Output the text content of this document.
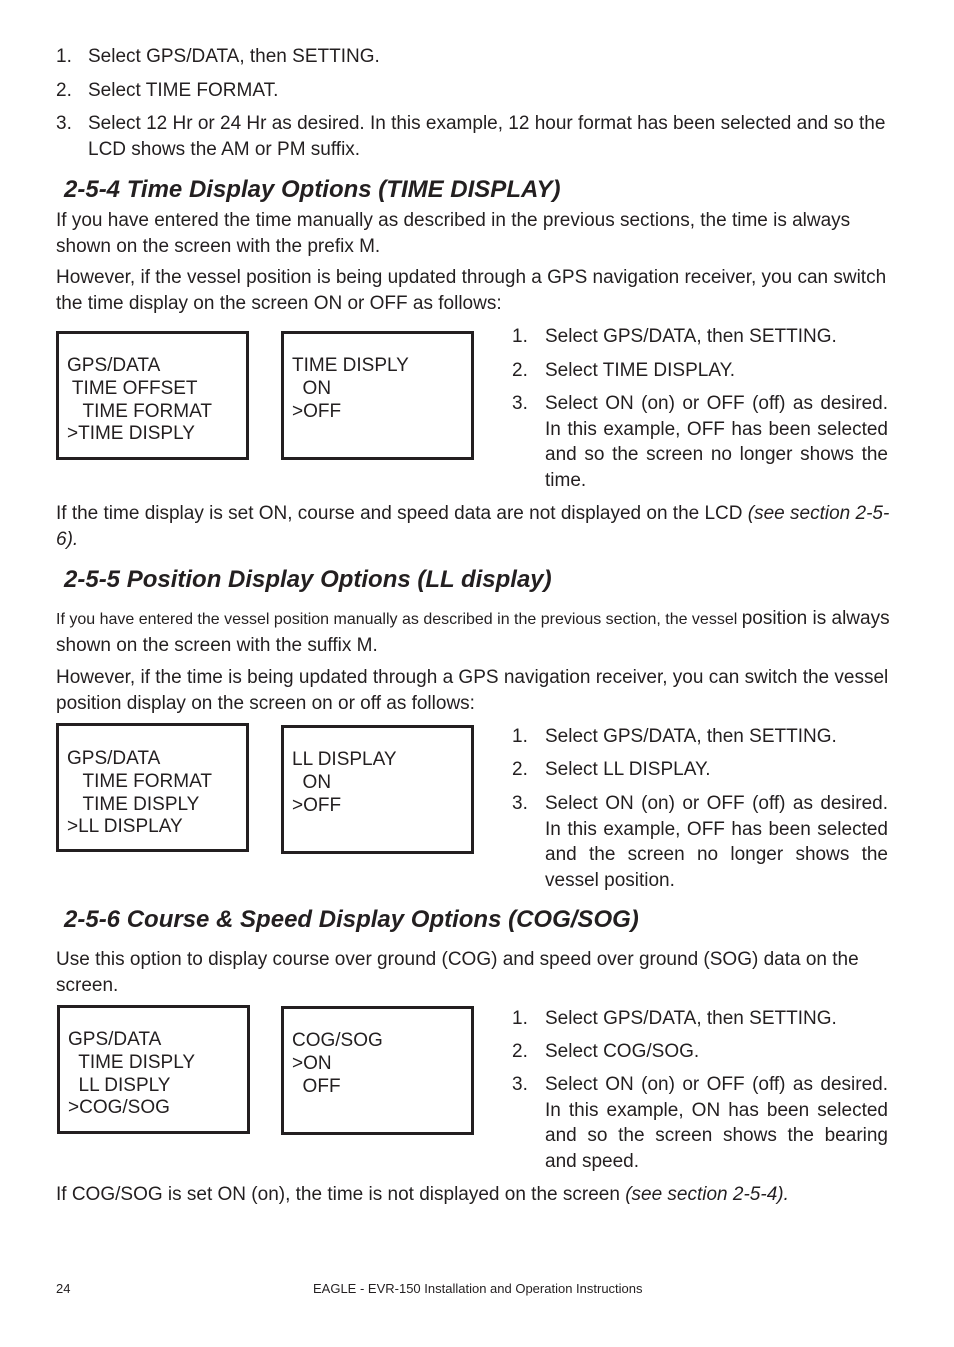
1. Select GPS/DATA, then SETTING.
2. Select TIME FORMAT.
3. Select 12 Hr or 24 Hr as desired. In this example, 12 hour format has been selected and so the LCD shows the AM or PM suffix.
2-5-4 Time Display Options (TIME DISPLAY)
If you have entered the time manually as described in the previous sections, the time is always shown on the screen with the prefix M.
However, if the vessel position is being updated through a GPS navigation receiver, you can switch the time display on the screen ON or OFF as follows:
GPS/DATA
TIME OFFSET
TIME FORMAT
>TIME DISPLY
TIME DISPLY
ON
>OFF
1. Select GPS/DATA, then SETTING.
2. Select TIME DISPLAY.
3. Select ON (on) or OFF (off) as desired. In this example, OFF has been selected and so the screen no longer shows the time.
If the time display is set ON, course and speed data are not displayed on the LCD (see section 2-5-6).
2-5-5 Position Display Options (LL display)
If you have entered the vessel position manually as described in the previous section, the vessel position is always shown on the screen with the suffix M.
However, if the time is being updated through a GPS navigation receiver, you can switch the vessel position display on the screen on or off as follows:
GPS/DATA
TIME FORMAT
TIME DISPLY
>LL DISPLAY
LL DISPLAY
ON
>OFF
1. Select GPS/DATA, then SETTING.
2. Select LL DISPLAY.
3. Select ON (on) or OFF (off) as desired. In this example, OFF has been selected and the screen no longer shows the vessel position.
2-5-6 Course & Speed Display Options (COG/SOG)
Use this option to display course over ground (COG) and speed over ground (SOG) data on the screen.
GPS/DATA
TIME DISPLY
LL DISPLY
>COG/SOG
COG/SOG
>ON
OFF
1. Select GPS/DATA, then SETTING.
2. Select COG/SOG.
3. Select ON (on) or OFF (off) as desired. In this example, ON has been selected and so the screen shows the bearing and speed.
If COG/SOG is set ON (on), the time is not displayed on the screen (see section 2-5-4).
24	EAGLE - EVR-150 Installation and Operation Instructions
